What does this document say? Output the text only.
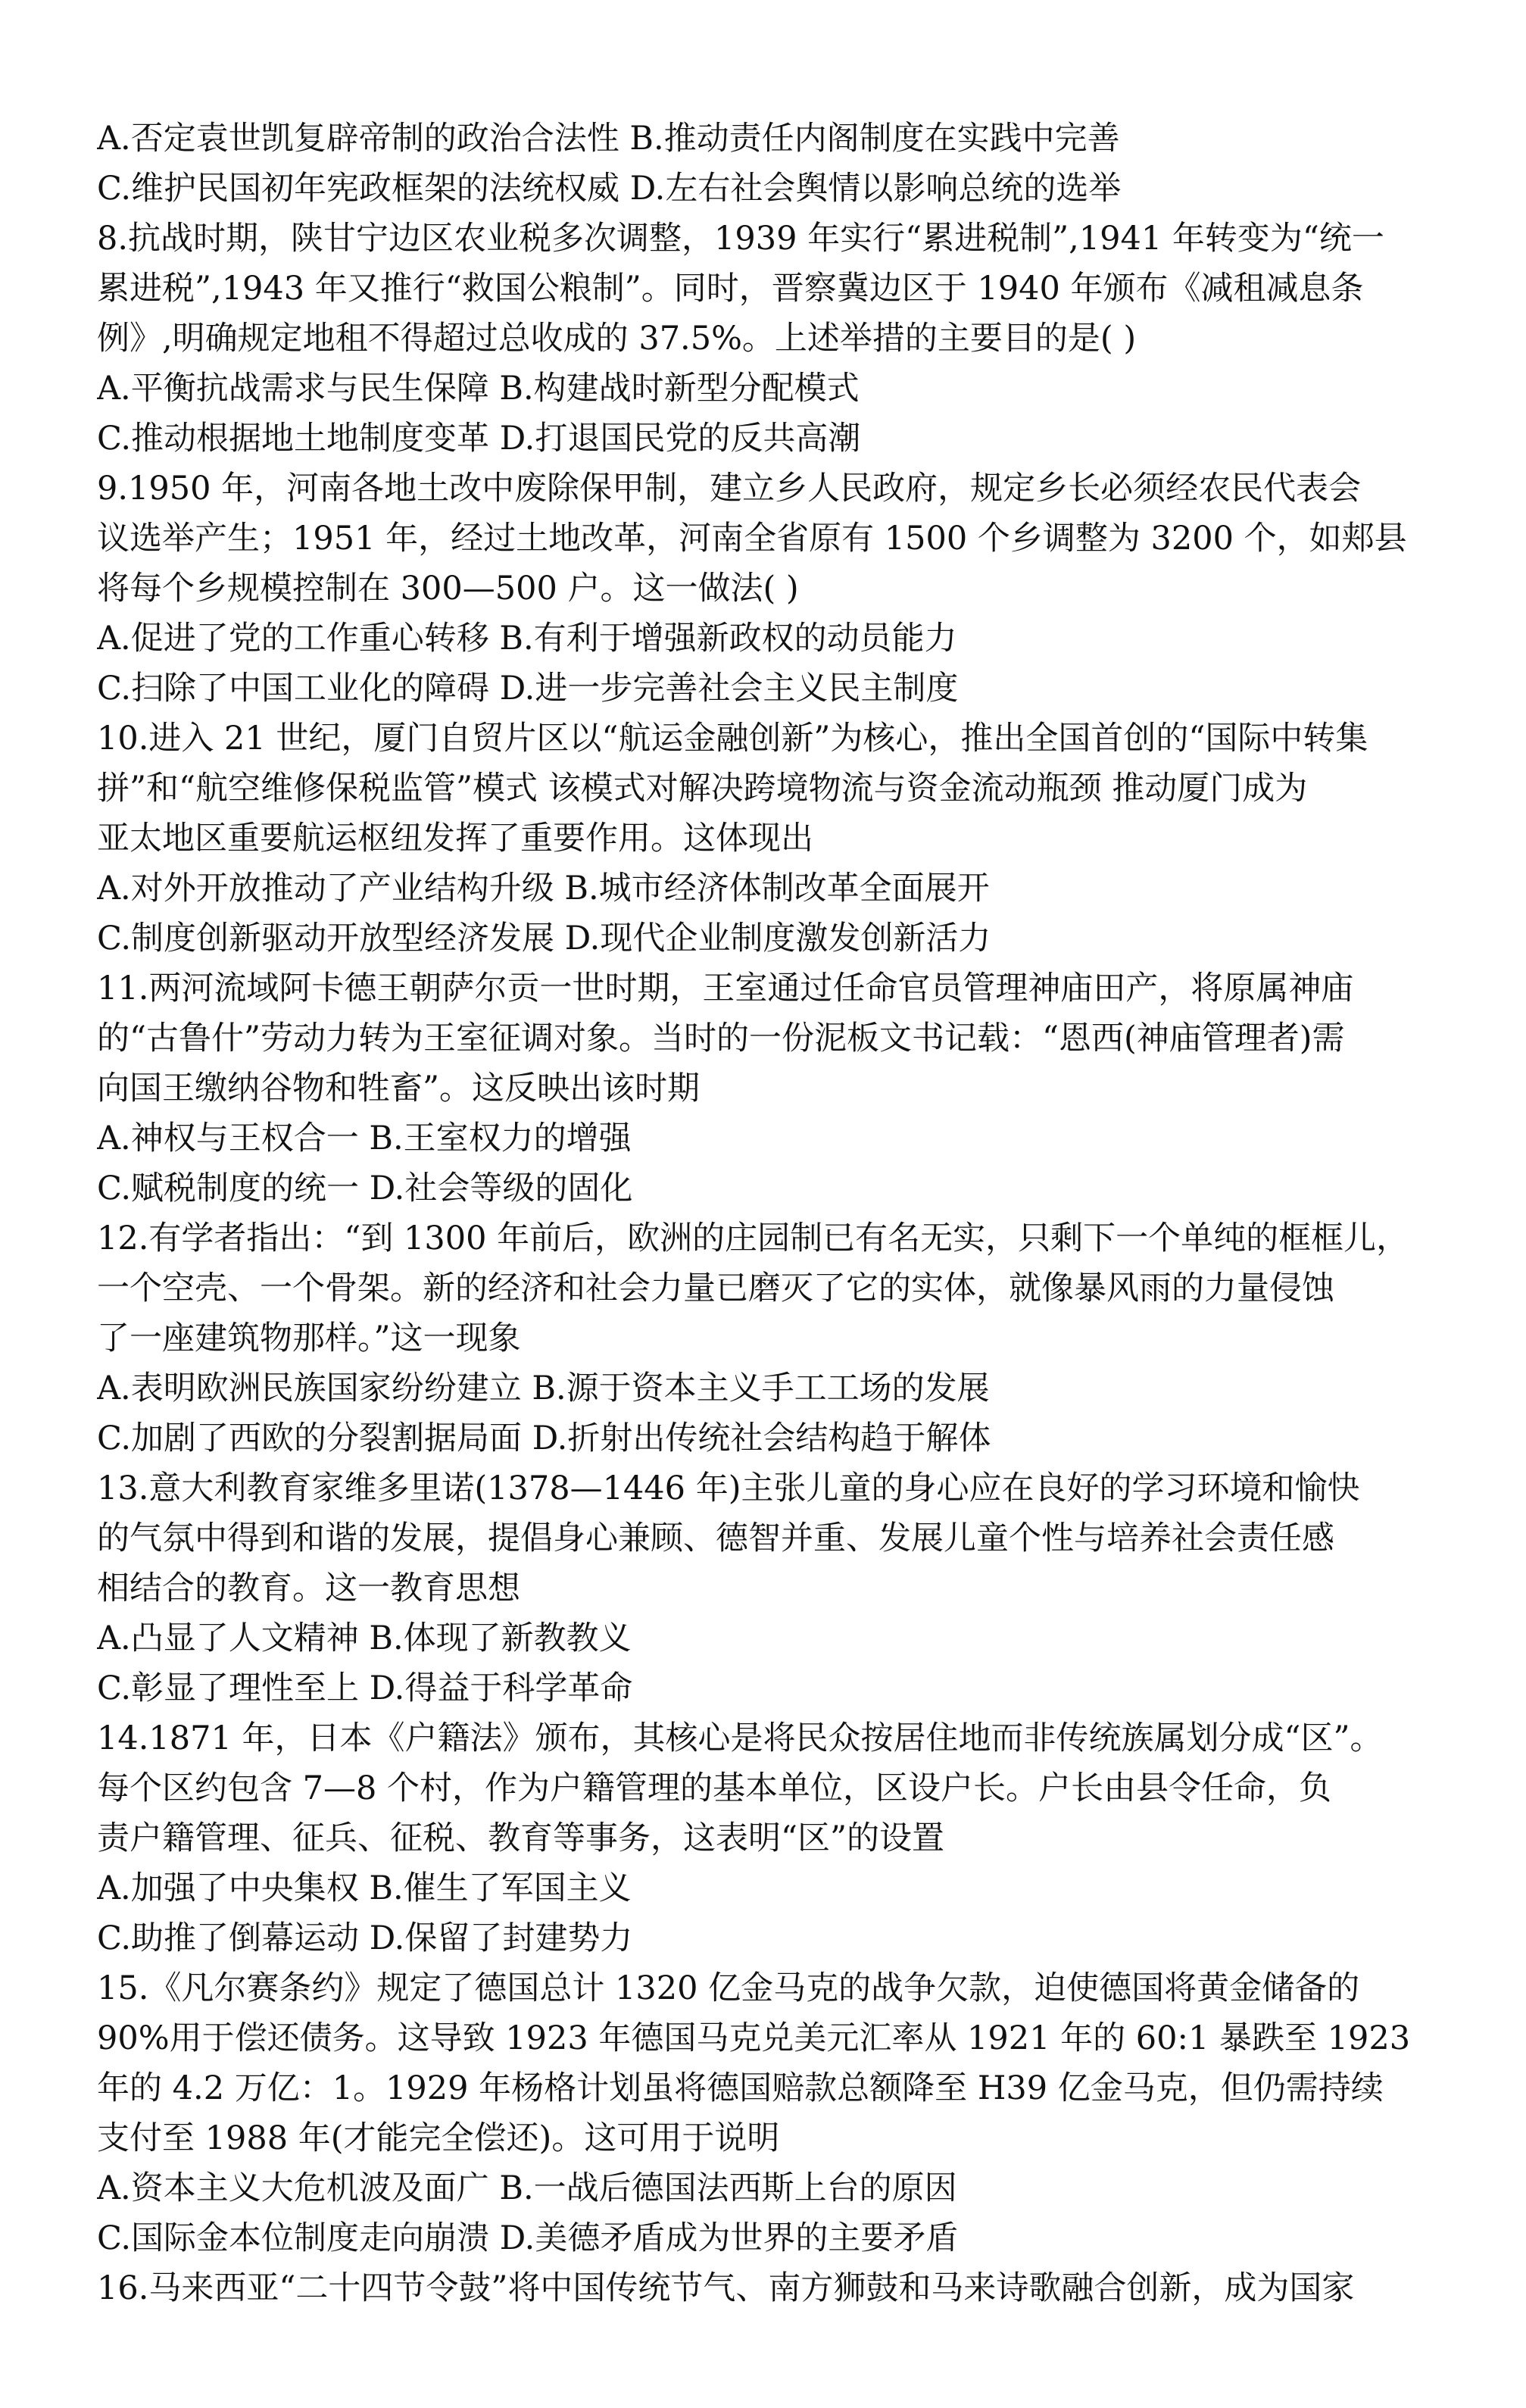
A.否定袁世凯复辟帝制的政治合法性 B.推动责任内阁制度在实践中完善
C.维护民国初年宪政框架的法统权威 D.左右社会舆情以影响总统的选举
8.抗战时期，陕甘宁边区农业税多次调整，1939 年实行“累进税制”,1941 年转变为“统一
累进税”,1943 年又推行“救国公粮制”。同时，晋察冀边区于 1940 年颁布《减租减息条
例》,明确规定地租不得超过总收成的 37.5%。上述举措的主要目的是( )
A.平衡抗战需求与民生保障 B.构建战时新型分配模式
C.推动根据地土地制度变革 D.打退国民党的反共高潮
9.1950 年，河南各地土改中废除保甲制，建立乡人民政府，规定乡长必须经农民代表会
议选举产生；1951 年，经过土地改革，河南全省原有 1500 个乡调整为 3200 个，如郏县
将每个乡规模控制在 300—500 户。这一做法( )
A.促进了党的工作重心转移 B.有利于增强新政权的动员能力
C.扫除了中国工业化的障碍 D.进一步完善社会主义民主制度
10.进入 21 世纪，厦门自贸片区以“航运金融创新”为核心，推出全国首创的“国际中转集
拼”和“航空维修保税监管”模式 该模式对解决跨境物流与资金流动瓶颈 推动厦门成为
亚太地区重要航运枢纽发挥了重要作用。这体现出
A.对外开放推动了产业结构升级 B.城市经济体制改革全面展开
C.制度创新驱动开放型经济发展 D.现代企业制度激发创新活力
11.两河流域阿卡德王朝萨尔贡一世时期，王室通过任命官员管理神庙田产，将原属神庙
的“古鲁什”劳动力转为王室征调对象。当时的一份泥板文书记载：“恩西(神庙管理者)需
向国王缴纳谷物和牲畜”。这反映出该时期
A.神权与王权合一 B.王室权力的增强
C.赋税制度的统一 D.社会等级的固化
12.有学者指出：“到 1300 年前后，欧洲的庄园制已有名无实，只剩下一个单纯的框框儿，
一个空壳、一个骨架。新的经济和社会力量已磨灭了它的实体，就像暴风雨的力量侵蚀
了一座建筑物那样。”这一现象
A.表明欧洲民族国家纷纷建立 B.源于资本主义手工工场的发展
C.加剧了西欧的分裂割据局面 D.折射出传统社会结构趋于解体
13.意大利教育家维多里诺(1378—1446 年)主张儿童的身心应在良好的学习环境和愉快
的气氛中得到和谐的发展，提倡身心兼顾、德智并重、发展儿童个性与培养社会责任感
相结合的教育。这一教育思想
A.凸显了人文精神 B.体现了新教教义
C.彰显了理性至上 D.得益于科学革命
14.1871 年，日本《户籍法》颁布，其核心是将民众按居住地而非传统族属划分成“区”。
每个区约包含 7—8 个村，作为户籍管理的基本单位，区设户长。户长由县令任命，负
责户籍管理、征兵、征税、教育等事务，这表明“区”的设置
A.加强了中央集权 B.催生了军国主义
C.助推了倒幕运动 D.保留了封建势力
15.《凡尔赛条约》规定了德国总计 1320 亿金马克的战争欠款，迫使德国将黄金储备的
90%用于偿还债务。这导致 1923 年德国马克兑美元汇率从 1921 年的 60:1 暴跌至 1923
年的 4.2 万亿：1。1929 年杨格计划虽将德国赔款总额降至 H39 亿金马克，但仍需持续
支付至 1988 年(才能完全偿还)。这可用于说明
A.资本主义大危机波及面广 B.一战后德国法西斯上台的原因
C.国际金本位制度走向崩溃 D.美德矛盾成为世界的主要矛盾
16.马来西亚“二十四节令鼓”将中国传统节气、南方狮鼓和马来诗歌融合创新，成为国家
